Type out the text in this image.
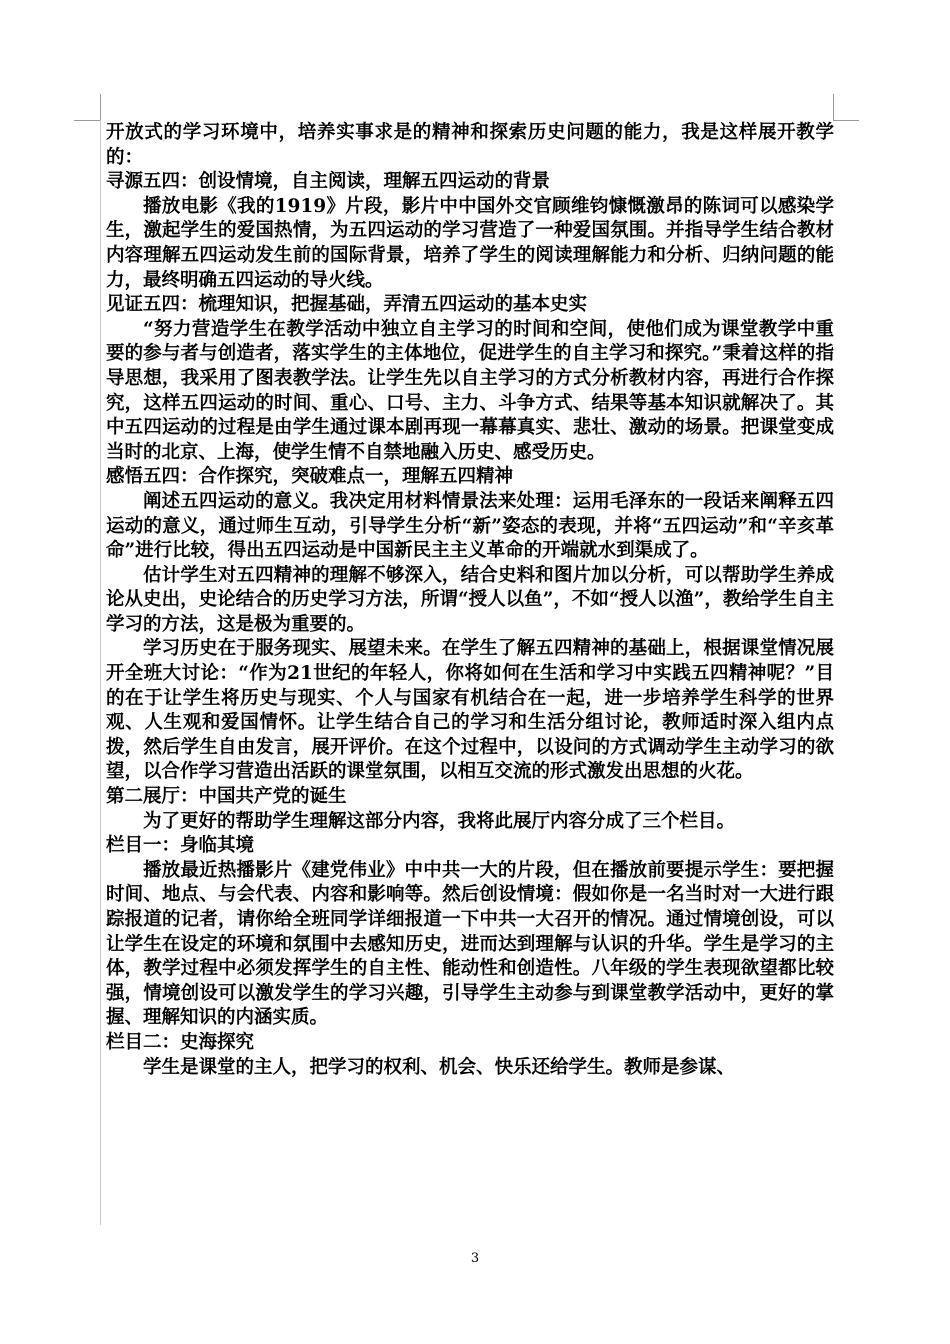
开放式的学习环境中，培养实事求是的精神和探索历史问题的能力，我是这样展开教学的：

寻源五四：创设情境，自主阅读，理解五四运动的背景

播放电影《我的1919》片段，影片中中国外交官顾维钧慷慨激昂的陈词可以感染学生，激起学生的爱国热情，为五四运动的学习营造了一种爱国氛围。并指导学生结合教材内容理解五四运动发生前的国际背景，培养了学生的阅读理解能力和分析、归纳问题的能力，最终明确五四运动的导火线。

见证五四：梳理知识，把握基础，弄清五四运动的基本史实

“努力营造学生在教学活动中独立自主学习的时间和空间，使他们成为课堂教学中重要的参与者与创造者，落实学生的主体地位，促进学生的自主学习和探究。”秉着这样的指导思想，我采用了图表教学法。让学生先以自主学习的方式分析教材内容，再进行合作探究，这样五四运动的时间、重心、口号、主力、斗争方式、结果等基本知识就解决了。其中五四运动的过程是由学生通过课本剧再现一幕幕真实、悲壮、激动的场景。把课堂变成当时的北京、上海，使学生情不自禁地融入历史、感受历史。

感悟五四：合作探究，突破难点一，理解五四精神

阐述五四运动的意义。我决定用材料情景法来处理：运用毛泽东的一段话来阐释五四运动的意义，通过师生互动，引导学生分析“新”姿态的表现，并将“五四运动”和“辛亥革命”进行比较，得出五四运动是中国新民主主义革命的开端就水到渠成了。

估计学生对五四精神的理解不够深入，结合史料和图片加以分析，可以帮助学生养成论从史出，史论结合的历史学习方法，所谓“授人以鱼”，不如“授人以渔”，教给学生自主学习的方法，这是极为重要的。

学习历史在于服务现实、展望未来。在学生了解五四精神的基础上，根据课堂情况展开全班大讨论：“作为21世纪的年轻人，你将如何在生活和学习中实践五四精神呢？”目的在于让学生将历史与现实、个人与国家有机结合在一起，进一步培养学生科学的世界观、人生观和爱国情怀。让学生结合自己的学习和生活分组讨论，教师适时深入组内点拨，然后学生自由发言，展开评价。在这个过程中，以设问的方式调动学生主动学习的欲望，以合作学习营造出活跃的课堂氛围，以相互交流的形式激发出思想的火花。

第二展厅：中国共产党的诞生

为了更好的帮助学生理解这部分内容，我将此展厅内容分成了三个栏目。

栏目一：身临其境

播放最近热播影片《建党伟业》中中共一大的片段，但在播放前要提示学生：要把握时间、地点、与会代表、内容和影响等。然后创设情境：假如你是一名当时对一大进行跟踪报道的记者，请你给全班同学详细报道一下中共一大召开的情况。通过情境创设，可以让学生在设定的环境和氛围中去感知历史，进而达到理解与认识的升华。学生是学习的主体，教学过程中必须发挥学生的自主性、能动性和创造性。八年级的学生表现欲望都比较强，情境创设可以激发学生的学习兴趣，引导学生主动参与到课堂教学活动中，更好的掌握、理解知识的内涵实质。

栏目二：史海探究

学生是课堂的主人，把学习的权利、机会、快乐还给学生。教师是参谋、

3
